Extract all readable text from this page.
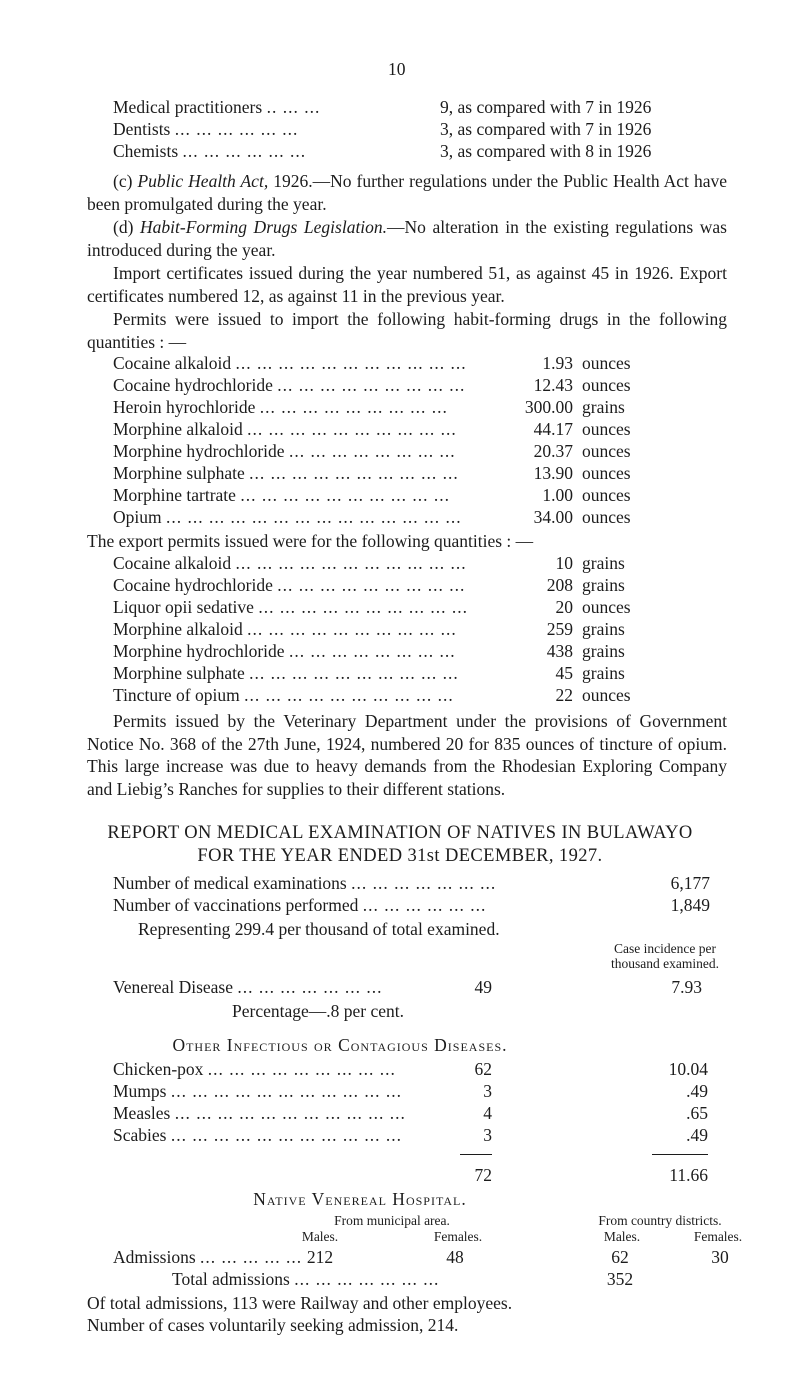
10
Medical practitioners .. ... ...	9, as compared with 7 in 1926
Dentists ... ... ... ... ... ...	3, as compared with 7 in 1926
Chemists ... ... ... ... ... ...	3, as compared with 8 in 1926
(c) Public Health Act, 1926.—No further regulations under the Public Health Act have been promulgated during the year.
(d) Habit-Forming Drugs Legislation.—No alteration in the existing regulations was introduced during the year.
Import certificates issued during the year numbered 51, as against 45 in 1926. Export certificates numbered 12, as against 11 in the previous year.
Permits were issued to import the following habit-forming drugs in the following quantities : —
Cocaine alkaloid ... ... ... ... ... ... ... ... ... ... ...	1.93 ounces
Cocaine hydrochloride ... ... ... ... ... ... ... ... ...	12.43 ounces
Heroin hyrochloride ... ... ... ... ... ... ... ... ...	300.00 grains
Morphine alkaloid ... ... ... ... ... ... ... ... ... ...	44.17 ounces
Morphine hydrochloride ... ... ... ... ... ... ... ...	20.37 ounces
Morphine sulphate ... ... ... ... ... ... ... ... ... ...	13.90 ounces
Morphine tartrate ... ... ... ... ... ... ... ... ... ...	1.00 ounces
Opium ... ... ... ... ... ... ... ... ... ... ... ... ... ...	34.00 ounces
The export permits issued were for the following quantities : —
Cocaine alkaloid ... ... ... ... ... ... ... ... ... ... ...	10 grains
Cocaine hydrochloride ... ... ... ... ... ... ... ... ...	208 grains
Liquor opii sedative ... ... ... ... ... ... ... ... ... ...	20 ounces
Morphine alkaloid ... ... ... ... ... ... ... ... ... ...	259 grains
Morphine hydrochloride ... ... ... ... ... ... ... ...	438 grains
Morphine sulphate ... ... ... ... ... ... ... ... ... ...	45 grains
Tincture of opium ... ... ... ... ... ... ... ... ... ...	22 ounces
Permits issued by the Veterinary Department under the provisions of Government Notice No. 368 of the 27th June, 1924, numbered 20 for 835 ounces of tincture of opium. This large increase was due to heavy demands from the Rhodesian Exploring Company and Liebig’s Ranches for supplies to their different stations.
REPORT ON MEDICAL EXAMINATION OF NATIVES IN BULAWAYO
FOR THE YEAR ENDED 31st DECEMBER, 1927.
Number of medical examinations ... ... ... ... ... ... ...	6,177
Number of vaccinations performed ... ... ... ... ... ...	1,849
Representing 299.4 per thousand of total examined.
Case incidence per
thousand examined.
Venereal Disease ... ... ... ... ... ... ...	49	7.93
Percentage—.8 per cent.
Other Infectious or Contagious Diseases.
Chicken-pox ... ... ... ... ... ... ... ... ...	62	10.04
Mumps ... ... ... ... ... ... ... ... ... ... ...	3	.49
Measles ... ... ... ... ... ... ... ... ... ... ...	4	.65
Scabies ... ... ... ... ... ... ... ... ... ... ...	3	.49
72	11.66
Native Venereal Hospital.
From municipal area.	From country districts.
Males.	Females.	Males.	Females.
Admissions ... ... ... ... ... 212	48	62	30
Total admissions ... ... ... ... ... ... ...	352
Of total admissions, 113 were Railway and other employees.
Number of cases voluntarily seeking admission, 214.
